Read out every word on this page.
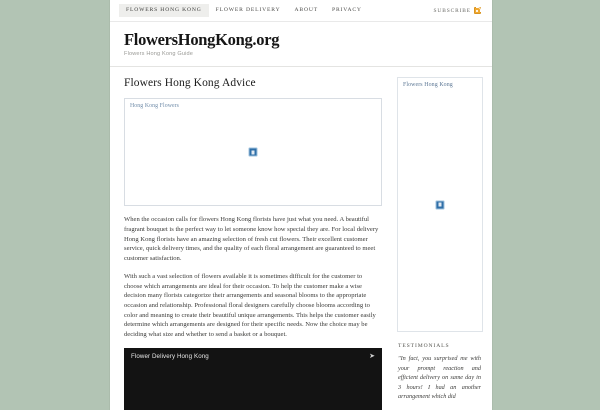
FLOWERS HONG KONG	FLOWER DELIVERY	ABOUT	PRIVACY	SUBSCRIBE
FlowersHongKong.org
Flowers Hong Kong Guide
Flowers Hong Kong Advice
Hong Kong Flowers

When the occasion calls for flowers Hong Kong florists have just what you need. A beautiful fragrant bouquet is the perfect way to let someone know how special they are. For local delivery Hong Kong florists have an amazing selection of fresh cut flowers. Their excellent customer service, quick delivery times, and the quality of each floral arrangement are guaranteed to meet customer satisfaction.

With such a vast selection of flowers available it is sometimes difficult for the customer to choose which arrangements are ideal for their occasion. To help the customer make a wise decision many florists categorize their arrangements and seasonal blooms to the appropriate occasion and relationship. Professional floral designers carefully choose blooms according to color and meaning to create their beautiful unique arrangements. This helps the customer easily determine which arrangements are designed for their specific needs. Now the choice may be deciding what size and whether to send a basket or a bouquet.

Flower Delivery Hong Kong	➤
Flowers Hong Kong
TESTIMONIALS
"In fact, you surprised me with your prompt reaction and efficient delivery on same day in 3 hours! I had an another arrangement which did
